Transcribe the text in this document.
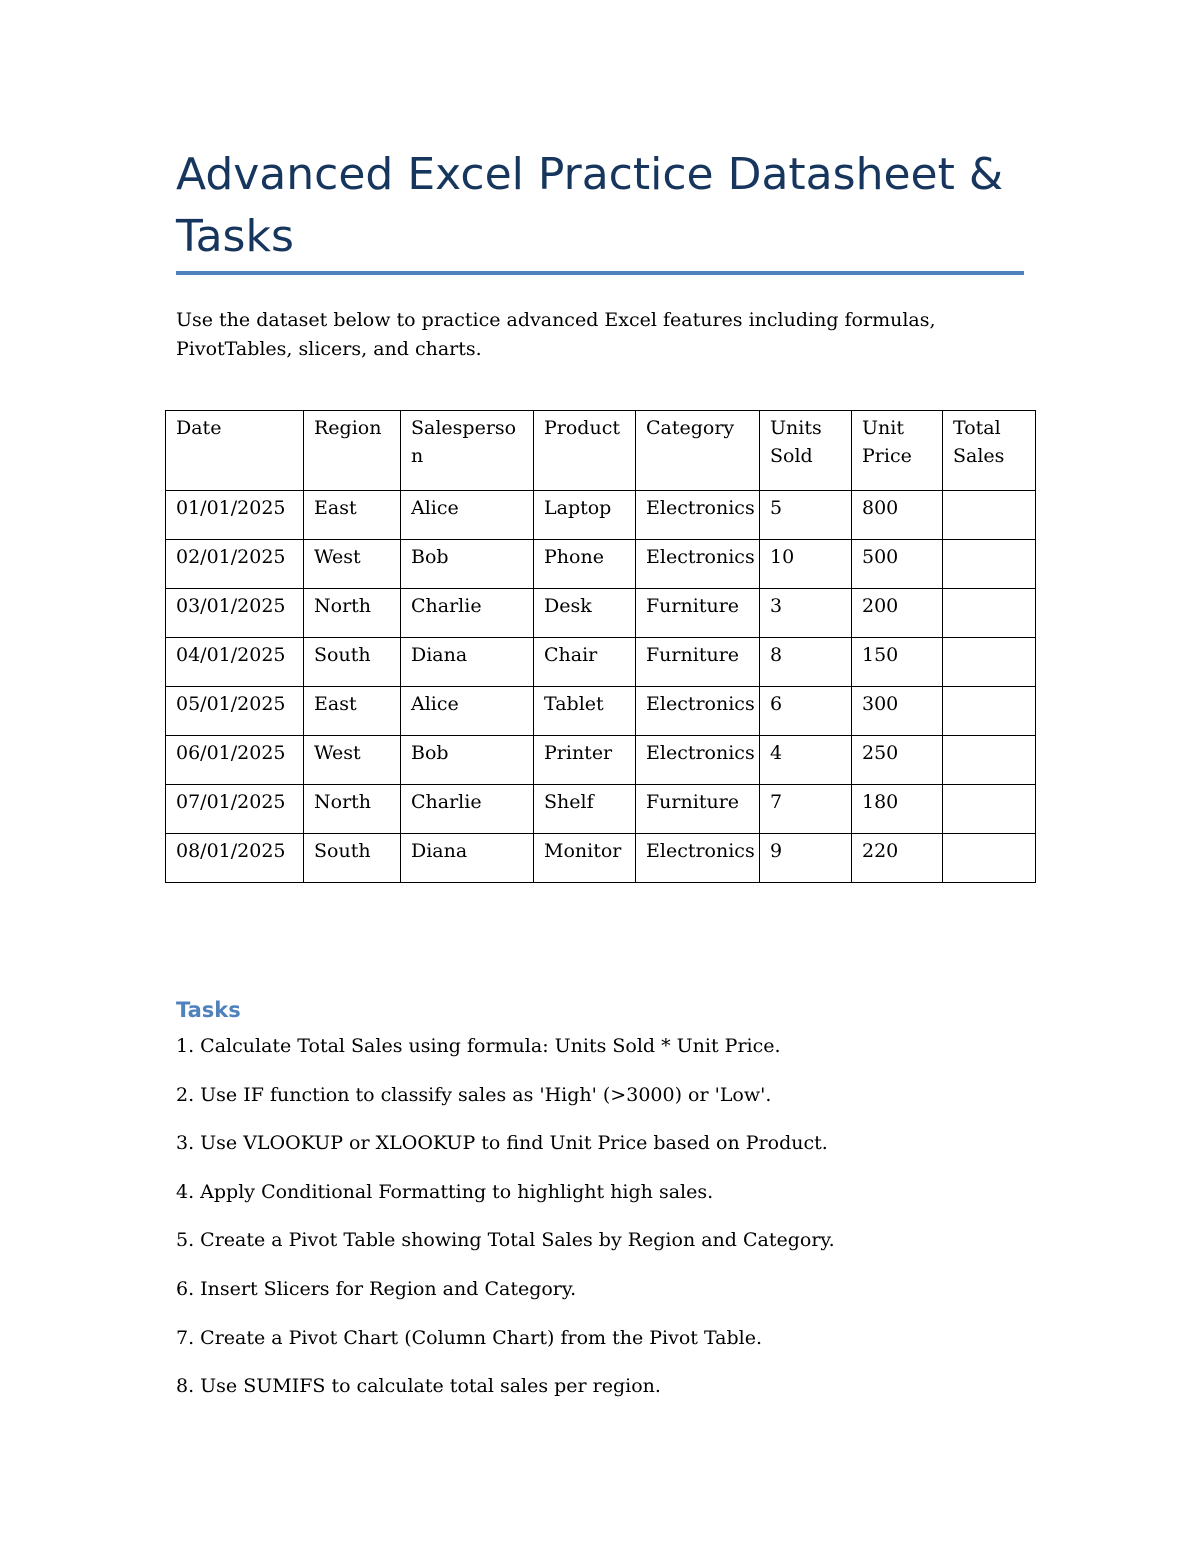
Advanced Excel Practice Datasheet & Tasks

Use the dataset below to practice advanced Excel features including formulas, PivotTables, slicers, and charts.

Date	Region	Salesperson	Product	Category	Units Sold	Unit Price	Total Sales
01/01/2025	East	Alice	Laptop	Electronics	5	800	
02/01/2025	West	Bob	Phone	Electronics	10	500	
03/01/2025	North	Charlie	Desk	Furniture	3	200	
04/01/2025	South	Diana	Chair	Furniture	8	150	
05/01/2025	East	Alice	Tablet	Electronics	6	300	
06/01/2025	West	Bob	Printer	Electronics	4	250	
07/01/2025	North	Charlie	Shelf	Furniture	7	180	
08/01/2025	South	Diana	Monitor	Electronics	9	220	
Tasks
1. Calculate Total Sales using formula: Units Sold * Unit Price.
2. Use IF function to classify sales as 'High' (>3000) or 'Low'.
3. Use VLOOKUP or XLOOKUP to find Unit Price based on Product.
4. Apply Conditional Formatting to highlight high sales.
5. Create a Pivot Table showing Total Sales by Region and Category.
6. Insert Slicers for Region and Category.
7. Create a Pivot Chart (Column Chart) from the Pivot Table.
8. Use SUMIFS to calculate total sales per region.
